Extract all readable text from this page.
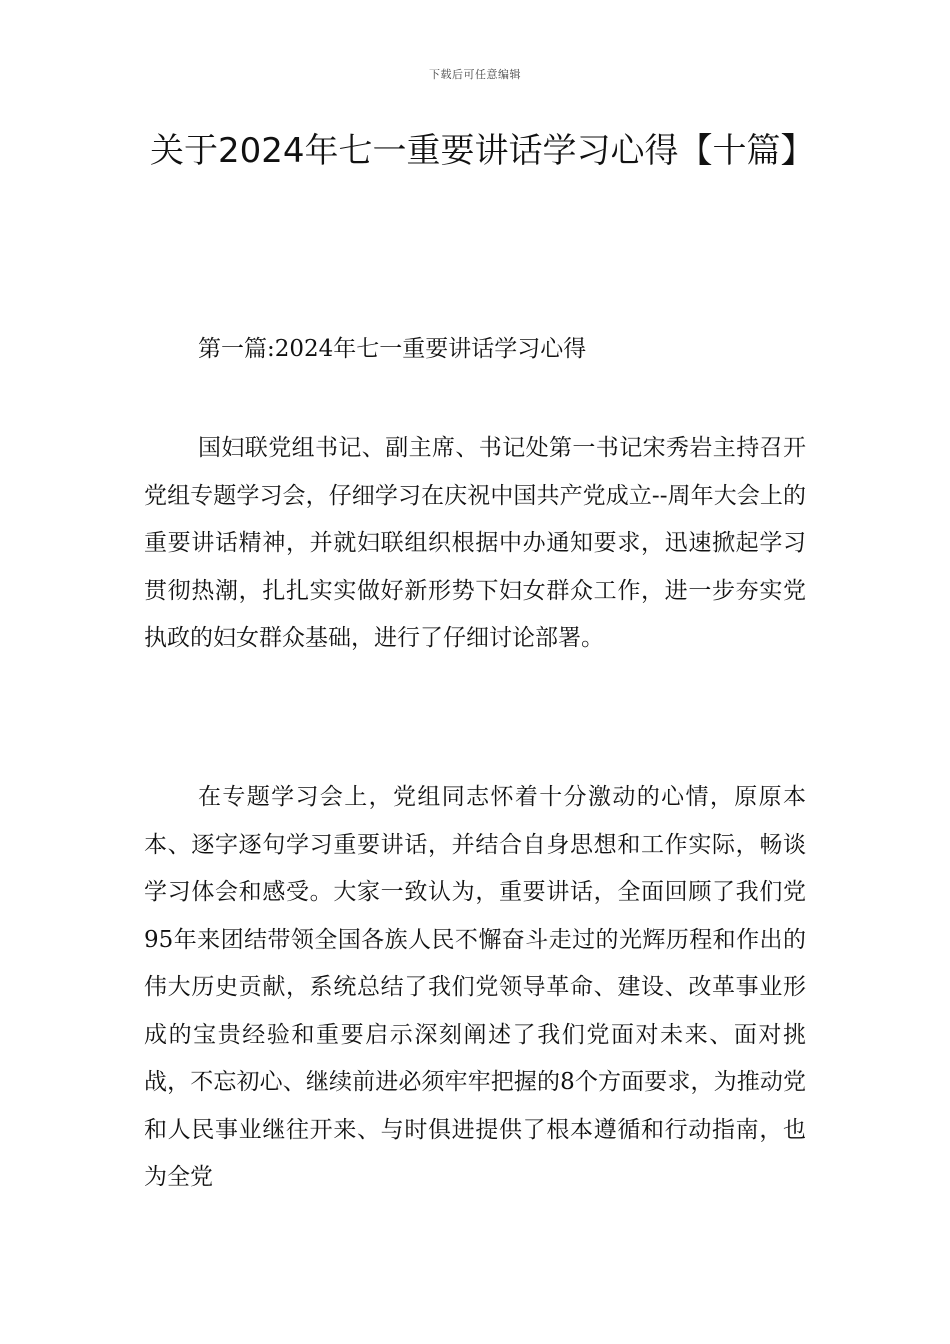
下载后可任意编辑
关于2024年七一重要讲话学习心得【十篇】
第一篇:2024年七一重要讲话学习心得

国妇联党组书记、副主席、书记处第一书记宋秀岩主持召开党组专题学习会，仔细学习在庆祝中国共产党成立--周年大会上的重要讲话精神，并就妇联组织根据中办通知要求，迅速掀起学习贯彻热潮，扎扎实实做好新形势下妇女群众工作，进一步夯实党执政的妇女群众基础，进行了仔细讨论部署。

在专题学习会上，党组同志怀着十分激动的心情，原原本本、逐字逐句学习重要讲话，并结合自身思想和工作实际，畅谈学习体会和感受。大家一致认为，重要讲话，全面回顾了我们党95年来团结带领全国各族人民不懈奋斗走过的光辉历程和作出的伟大历史贡献，系统总结了我们党领导革命、建设、改革事业形成的宝贵经验和重要启示深刻阐述了我们党面对未来、面对挑战，不忘初心、继续前进必须牢牢把握的8个方面要求，为推动党和人民事业继往开来、与时俱进提供了根本遵循和行动指南，也为全党
